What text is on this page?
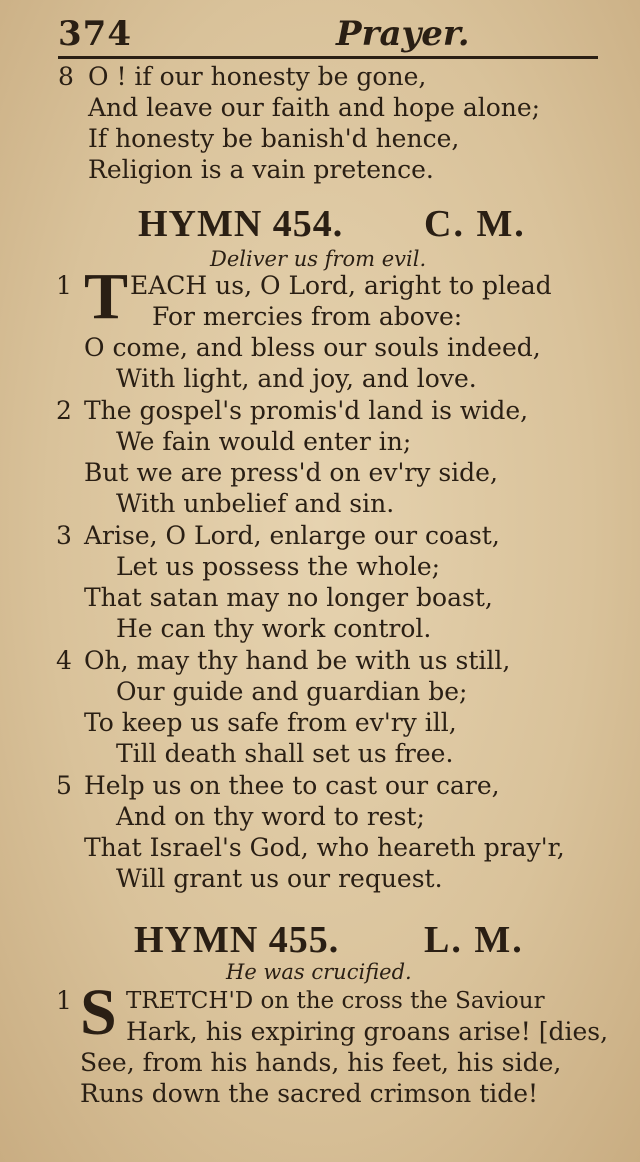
374	Prayer.
8 O ! if our honesty be gone,
And leave our faith and hope alone;
If honesty be banish'd hence,
Religion is a vain pretence.
HYMN 454. C. M.
Deliver us from evil.
1 T EACH us, O Lord, aright to plead
For mercies from above:
O come, and bless our souls indeed,
With light, and joy, and love.
2 The gospel's promis'd land is wide,
We fain would enter in;
But we are press'd on ev'ry side,
With unbelief and sin.
3 Arise, O Lord, enlarge our coast,
Let us possess the whole;
That satan may no longer boast,
He can thy work control.
4 Oh, may thy hand be with us still,
Our guide and guardian be;
To keep us safe from ev'ry ill,
Till death shall set us free.
5 Help us on thee to cast our care,
And on thy word to rest;
That Israel's God, who heareth pray'r,
Will grant us our request.
HYMN 455. L. M.
He was crucified.
1 S TRETCH'D on the cross the Saviour
Hark, his expiring groans arise! [dies,
See, from his hands, his feet, his side,
Runs down the sacred crimson tide!
